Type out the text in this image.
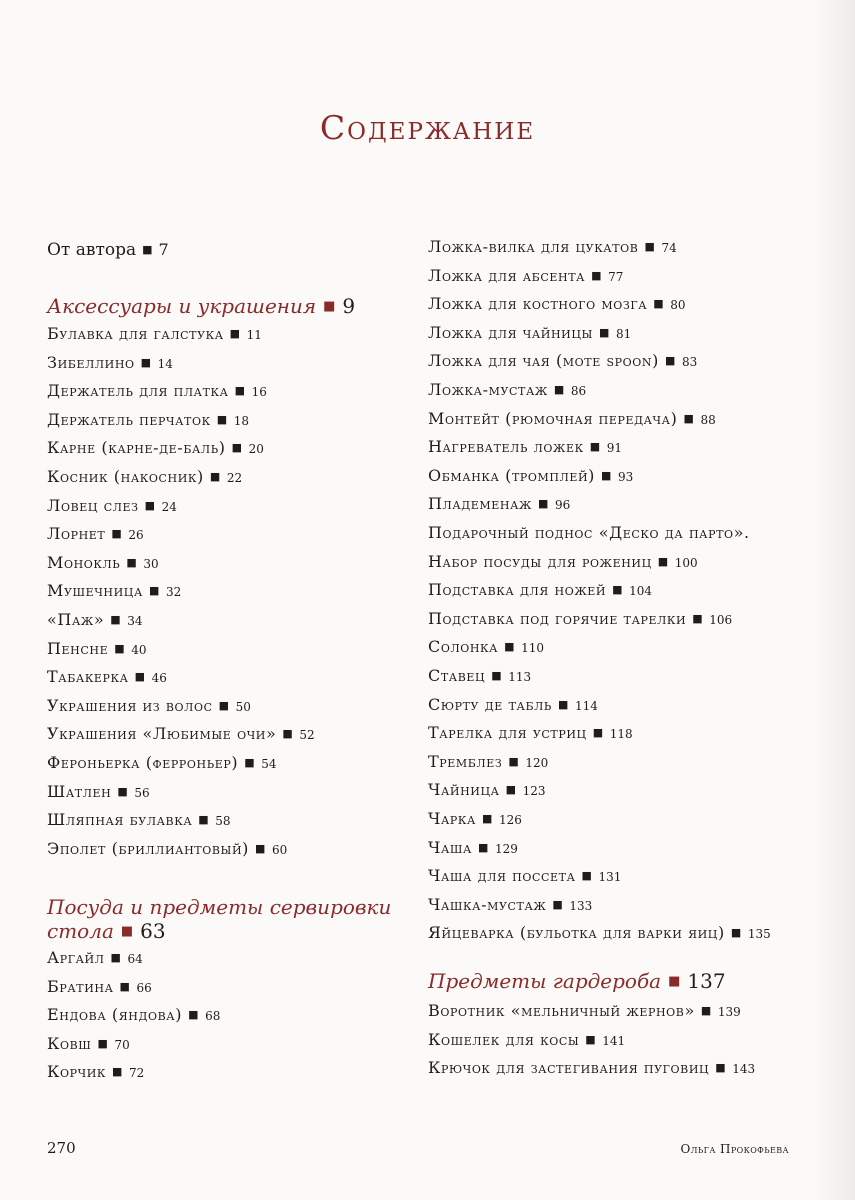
Содержание
От автора ■ 7
Аксессуары и украшения ■ 9
Булавка для галстука ■ 11
Зибеллино ■ 14
Держатель для платка ■ 16
Держатель перчаток ■ 18
Карне (карне-де-баль) ■ 20
Косник (накосник) ■ 22
Ловец слез ■ 24
Лорнет ■ 26
Монокль ■ 30
Мушечница ■ 32
«Паж» ■ 34
Пенсне ■ 40
Табакерка ■ 46
Украшения из волос ■ 50
Украшения «Любимые очи» ■ 52
Фероньерка (ферроньер) ■ 54
Шатлен ■ 56
Шляпная булавка ■ 58
Эполет (бриллиантовый) ■ 60
Посуда и предметы сервировки
стола ■ 63
Аргайл ■ 64
Братина ■ 66
Ендова (яндова) ■ 68
Ковш ■ 70
Корчик ■ 72
Ложка-вилка для цукатов ■ 74
Ложка для абсента ■ 77
Ложка для костного мозга ■ 80
Ложка для чайницы ■ 81
Ложка для чая (mote spoon) ■ 83
Ложка-мустаж ■ 86
Монтейт (рюмочная передача) ■ 88
Нагреватель ложек ■ 91
Обманка (тромплей) ■ 93
Пладеменаж ■ 96
Подарочный поднос «Деско да парто».
Набор посуды для рожениц ■ 100
Подставка для ножей ■ 104
Подставка под горячие тарелки ■ 106
Солонка ■ 110
Ставец ■ 113
Сюрту де табль ■ 114
Тарелка для устриц ■ 118
Тремблез ■ 120
Чайница ■ 123
Чарка ■ 126
Чаша ■ 129
Чаша для поссета ■ 131
Чашка-мустаж ■ 133
Яйцеварка (бульотка для варки яиц) ■ 135
Предметы гардероба ■ 137
Воротник «мельничный жернов» ■ 139
Кошелек для косы ■ 141
Крючок для застегивания пуговиц ■ 143
270	Ольга Прокофьева
